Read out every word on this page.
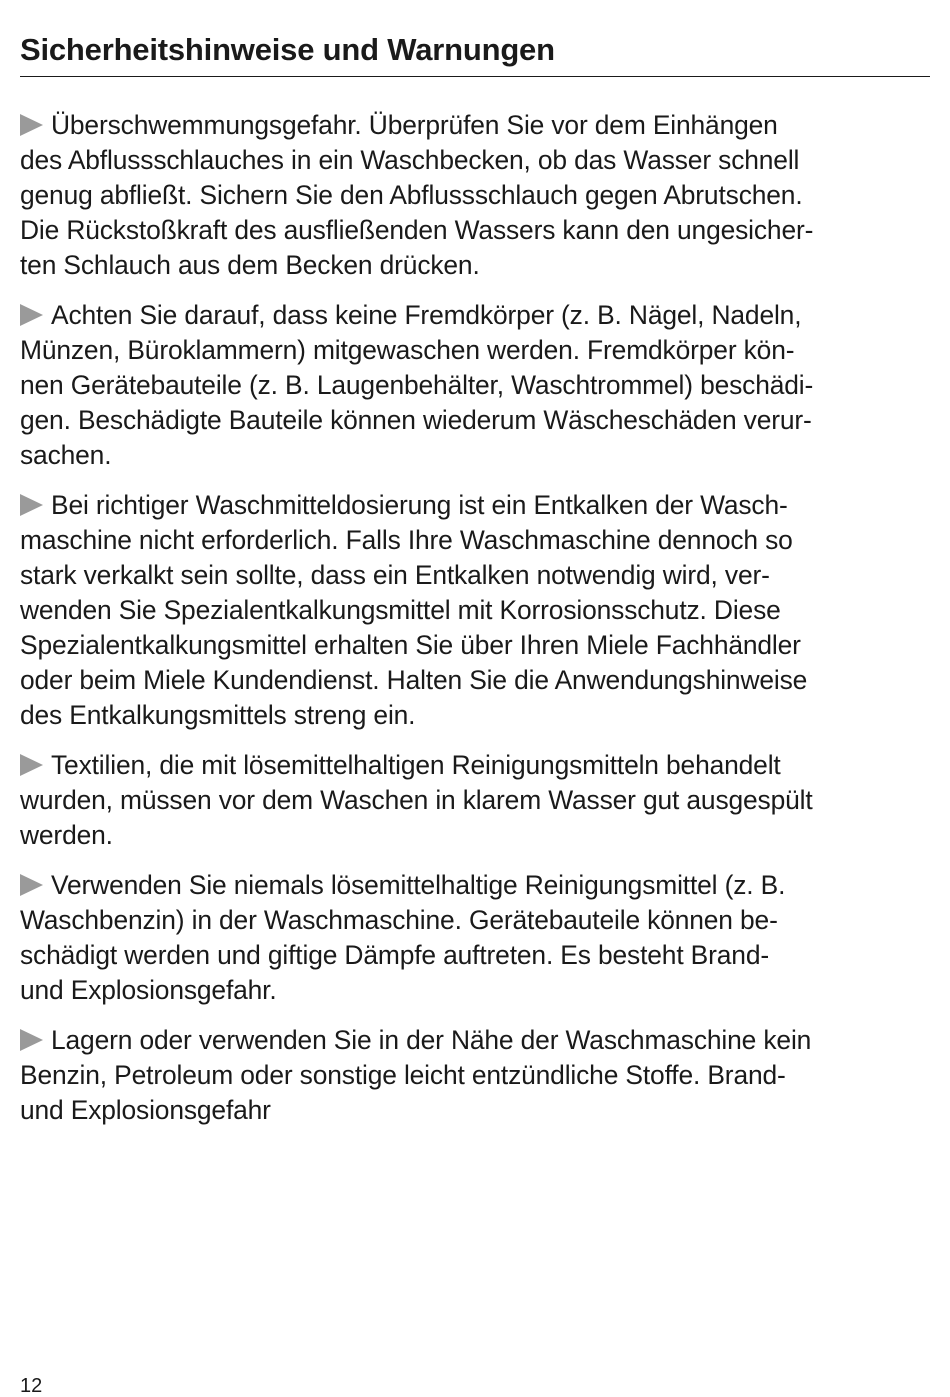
Sicherheitshinweise und Warnungen

Überschwemmungsgefahr. Überprüfen Sie vor dem Einhängen
des Abflussschlauches in ein Waschbecken, ob das Wasser schnell
genug abfließt. Sichern Sie den Abflussschlauch gegen Abrutschen.
Die Rückstoßkraft des ausfließenden Wassers kann den ungesicher-
ten Schlauch aus dem Becken drücken.

Achten Sie darauf, dass keine Fremdkörper (z. B. Nägel, Nadeln,
Münzen, Büroklammern) mitgewaschen werden. Fremdkörper kön-
nen Gerätebauteile (z. B. Laugenbehälter, Waschtrommel) beschädi-
gen. Beschädigte Bauteile können wiederum Wäscheschäden verur-
sachen.

Bei richtiger Waschmitteldosierung ist ein Entkalken der Wasch-
maschine nicht erforderlich. Falls Ihre Waschmaschine dennoch so
stark verkalkt sein sollte, dass ein Entkalken notwendig wird, ver-
wenden Sie Spezialentkalkungsmittel mit Korrosionsschutz. Diese
Spezialentkalkungsmittel erhalten Sie über Ihren Miele Fachhändler
oder beim Miele Kundendienst. Halten Sie die Anwendungshinweise
des Entkalkungsmittels streng ein.

Textilien, die mit lösemittelhaltigen Reinigungsmitteln behandelt
wurden, müssen vor dem Waschen in klarem Wasser gut ausgespült
werden.

Verwenden Sie niemals lösemittelhaltige Reinigungsmittel (z. B.
Waschbenzin) in der Waschmaschine. Gerätebauteile können be-
schädigt werden und giftige Dämpfe auftreten. Es besteht Brand-
und Explosionsgefahr.

Lagern oder verwenden Sie in der Nähe der Waschmaschine kein
Benzin, Petroleum oder sonstige leicht entzündliche Stoffe. Brand-
und Explosionsgefahr

12
